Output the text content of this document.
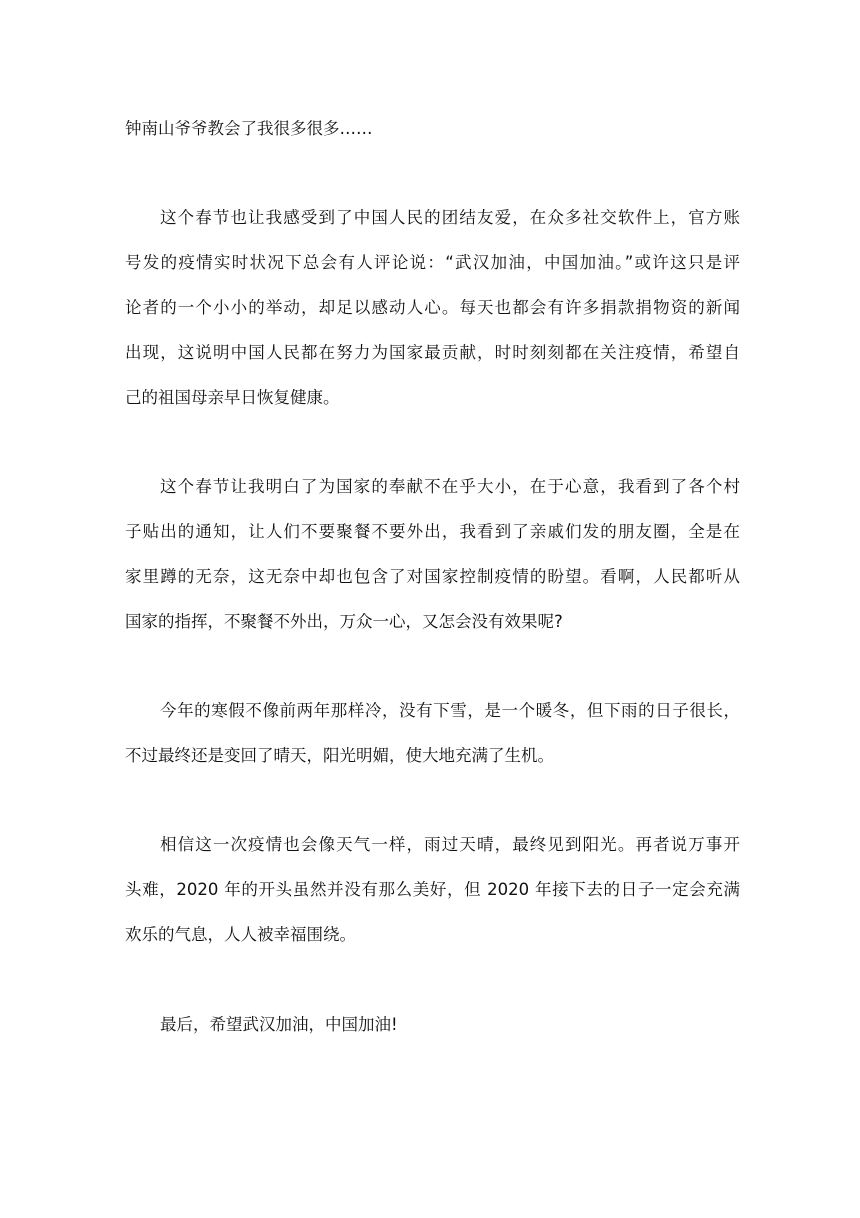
钟南山爷爷教会了我很多很多……
这个春节也让我感受到了中国人民的团结友爱，在众多社交软件上，官方账
号发的疫情实时状况下总会有人评论说：“武汉加油，中国加油。”或许这只是评
论者的一个小小的举动，却足以感动人心。每天也都会有许多捐款捐物资的新闻
出现，这说明中国人民都在努力为国家最贡献，时时刻刻都在关注疫情，希望自
己的祖国母亲早日恢复健康。
这个春节让我明白了为国家的奉献不在乎大小，在于心意，我看到了各个村
子贴出的通知，让人们不要聚餐不要外出，我看到了亲戚们发的朋友圈，全是在
家里蹲的无奈，这无奈中却也包含了对国家控制疫情的盼望。看啊，人民都听从
国家的指挥，不聚餐不外出，万众一心，又怎会没有效果呢?
今年的寒假不像前两年那样冷，没有下雪，是一个暖冬，但下雨的日子很长，
不过最终还是变回了晴天，阳光明媚，使大地充满了生机。
相信这一次疫情也会像天气一样，雨过天晴，最终见到阳光。再者说万事开
头难，2020 年的开头虽然并没有那么美好，但 2020 年接下去的日子一定会充满
欢乐的气息，人人被幸福围绕。
最后，希望武汉加油，中国加油!
